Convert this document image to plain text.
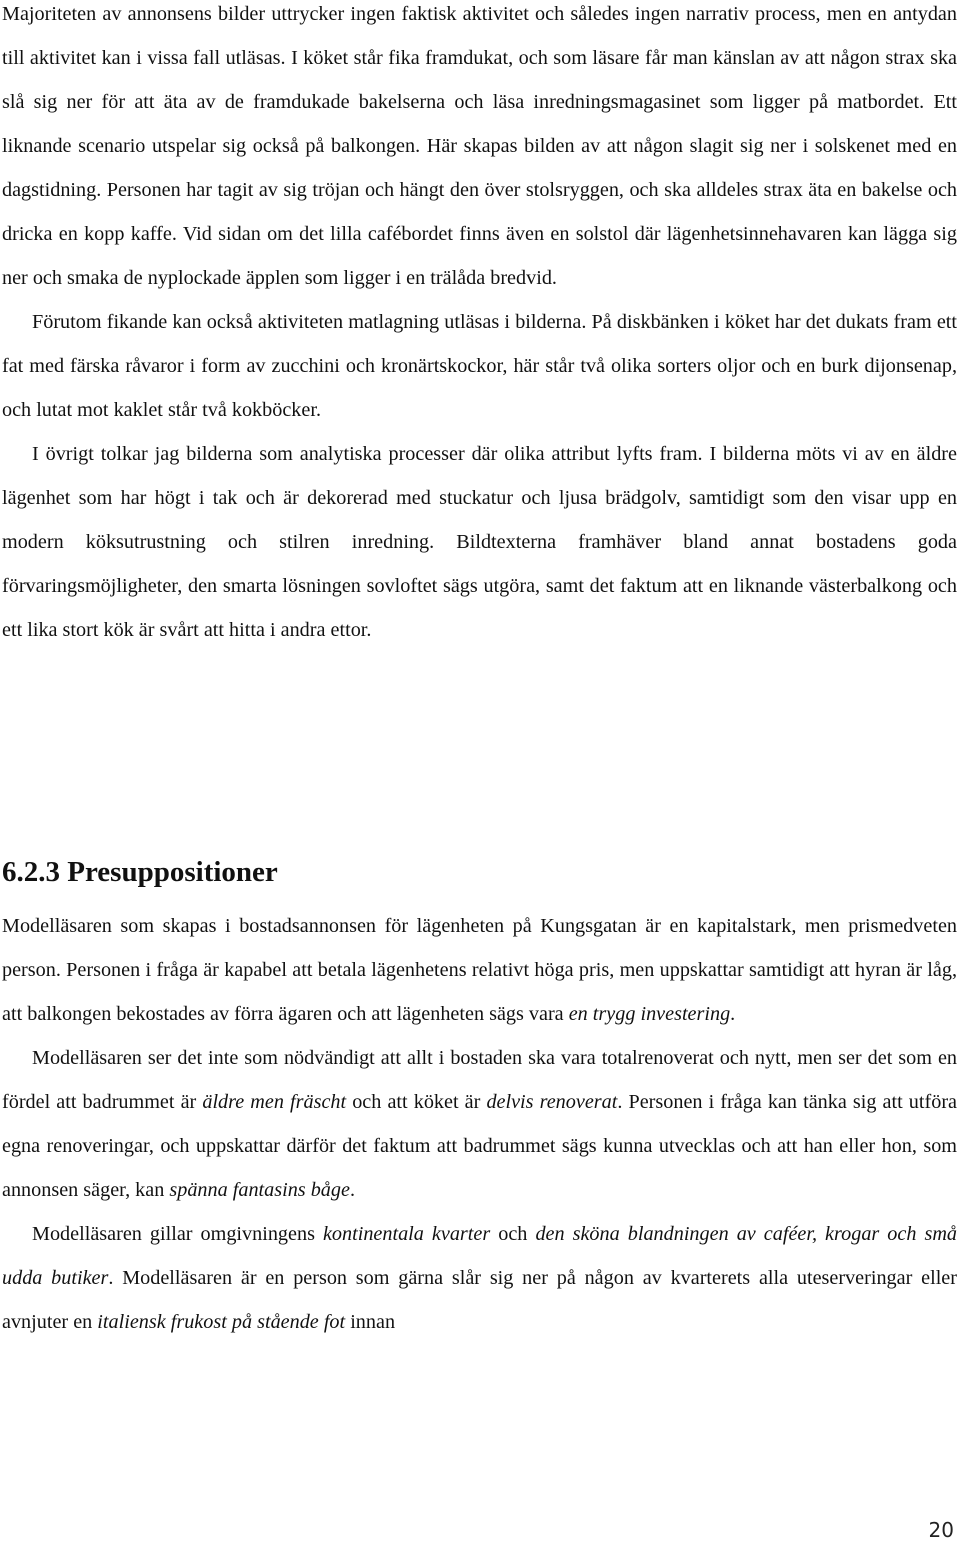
Majoriteten av annonsens bilder uttrycker ingen faktisk aktivitet och således ingen narrativ process, men en antydan till aktivitet kan i vissa fall utläsas. I köket står fika framdukat, och som läsare får man känslan av att någon strax ska slå sig ner för att äta av de framdukade bakelserna och läsa inredningsmagasinet som ligger på matbordet. Ett liknande scenario utspelar sig också på balkongen. Här skapas bilden av att någon slagit sig ner i solskenet med en dagstidning. Personen har tagit av sig tröjan och hängt den över stolsryggen, och ska alldeles strax äta en bakelse och dricka en kopp kaffe. Vid sidan om det lilla cafébordet finns även en solstol där lägenhetsinnehavaren kan lägga sig ner och smaka de nyplockade äpplen som ligger i en trälåda bredvid.

Förutom fikande kan också aktiviteten matlagning utläsas i bilderna. På diskbänken i köket har det dukats fram ett fat med färska råvaror i form av zucchini och kronärtskockor, här står två olika sorters oljor och en burk dijonsenap, och lutat mot kaklet står två kokböcker.

I övrigt tolkar jag bilderna som analytiska processer där olika attribut lyfts fram. I bilderna möts vi av en äldre lägenhet som har högt i tak och är dekorerad med stuckatur och ljusa brädgolv, samtidigt som den visar upp en modern köksutrustning och stilren inredning. Bildtexterna framhäver bland annat bostadens goda förvaringsmöjligheter, den smarta lösningen sovloftet sägs utgöra, samt det faktum att en liknande västerbalkong och ett lika stort kök är svårt att hitta i andra ettor.

6.2.3 Presuppositioner

Modelläsaren som skapas i bostadsannonsen för lägenheten på Kungsgatan är en kapitalstark, men prismedveten person. Personen i fråga är kapabel att betala lägenhetens relativt höga pris, men uppskattar samtidigt att hyran är låg, att balkongen bekostades av förra ägaren och att lägenheten sägs vara en trygg investering.

Modelläsaren ser det inte som nödvändigt att allt i bostaden ska vara totalrenoverat och nytt, men ser det som en fördel att badrummet är äldre men fräscht och att köket är delvis renoverat. Personen i fråga kan tänka sig att utföra egna renoveringar, och uppskattar därför det faktum att badrummet sägs kunna utvecklas och att han eller hon, som annonsen säger, kan spänna fantasins båge.

Modelläsaren gillar omgivningens kontinentala kvarter och den sköna blandningen av caféer, krogar och små udda butiker. Modelläsaren är en person som gärna slår sig ner på någon av kvarterets alla uteserveringar eller avnjuter en italiensk frukost på stående fot innan

20
